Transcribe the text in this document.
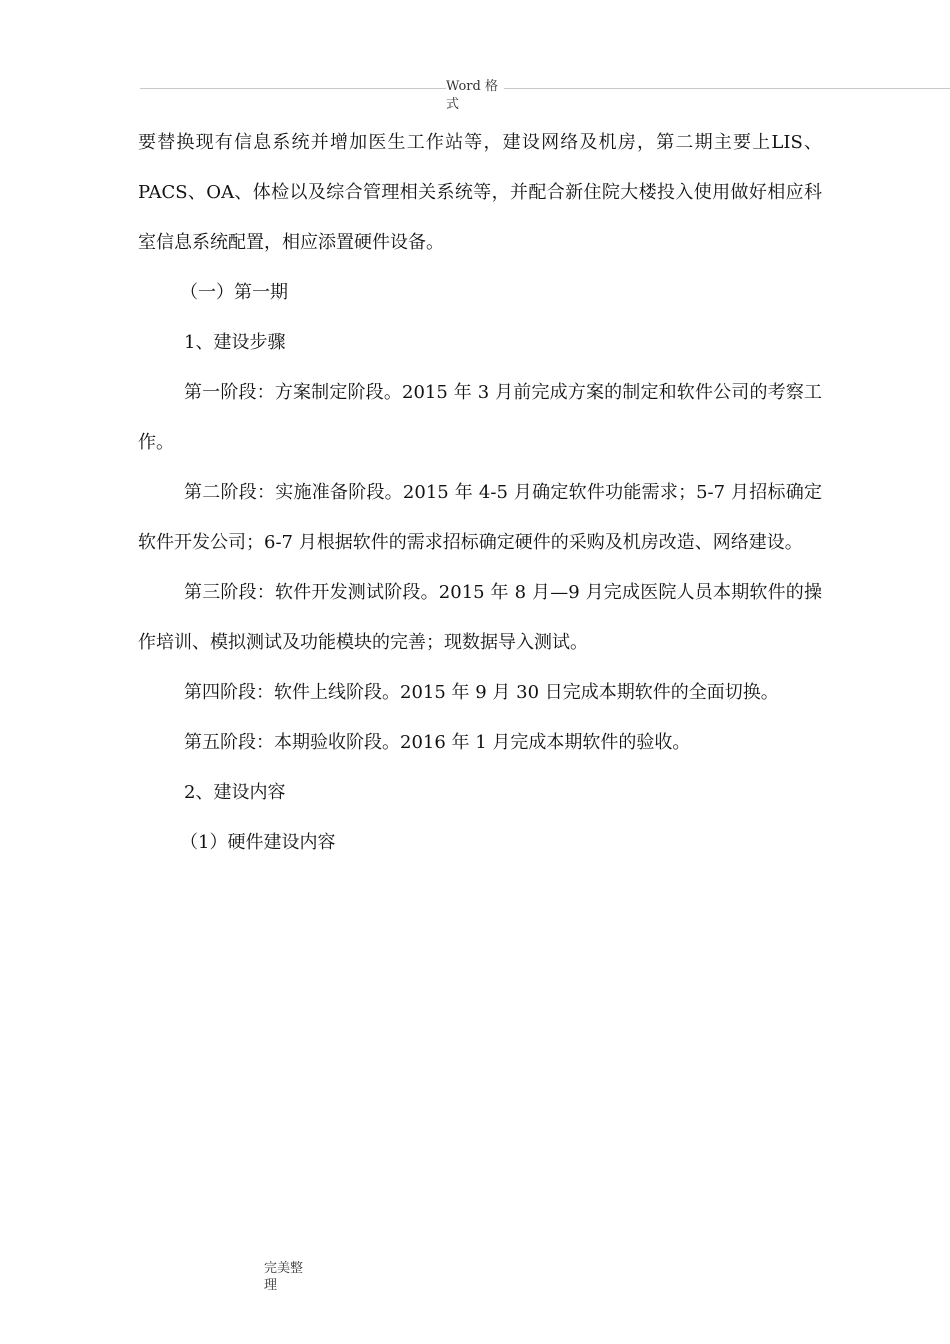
Word 格式

要替换现有信息系统并增加医生工作站等，建设网络及机房，第二期主要上LIS、PACS、OA、体检以及综合管理相关系统等，并配合新住院大楼投入使用做好相应科室信息系统配置，相应添置硬件设备。

（一）第一期

1、建设步骤

第一阶段：方案制定阶段。2015 年 3 月前完成方案的制定和软件公司的考察工作。

第二阶段：实施准备阶段。2015 年 4-5 月确定软件功能需求；5-7 月招标确定软件开发公司；6-7 月根据软件的需求招标确定硬件的采购及机房改造、网络建设。

第三阶段：软件开发测试阶段。2015 年 8 月—9 月完成医院人员本期软件的操作培训、模拟测试及功能模块的完善；现数据导入测试。

第四阶段：软件上线阶段。2015 年 9 月 30 日完成本期软件的全面切换。

第五阶段：本期验收阶段。2016 年 1 月完成本期软件的验收。

2、建设内容

（1）硬件建设内容

完美整理
